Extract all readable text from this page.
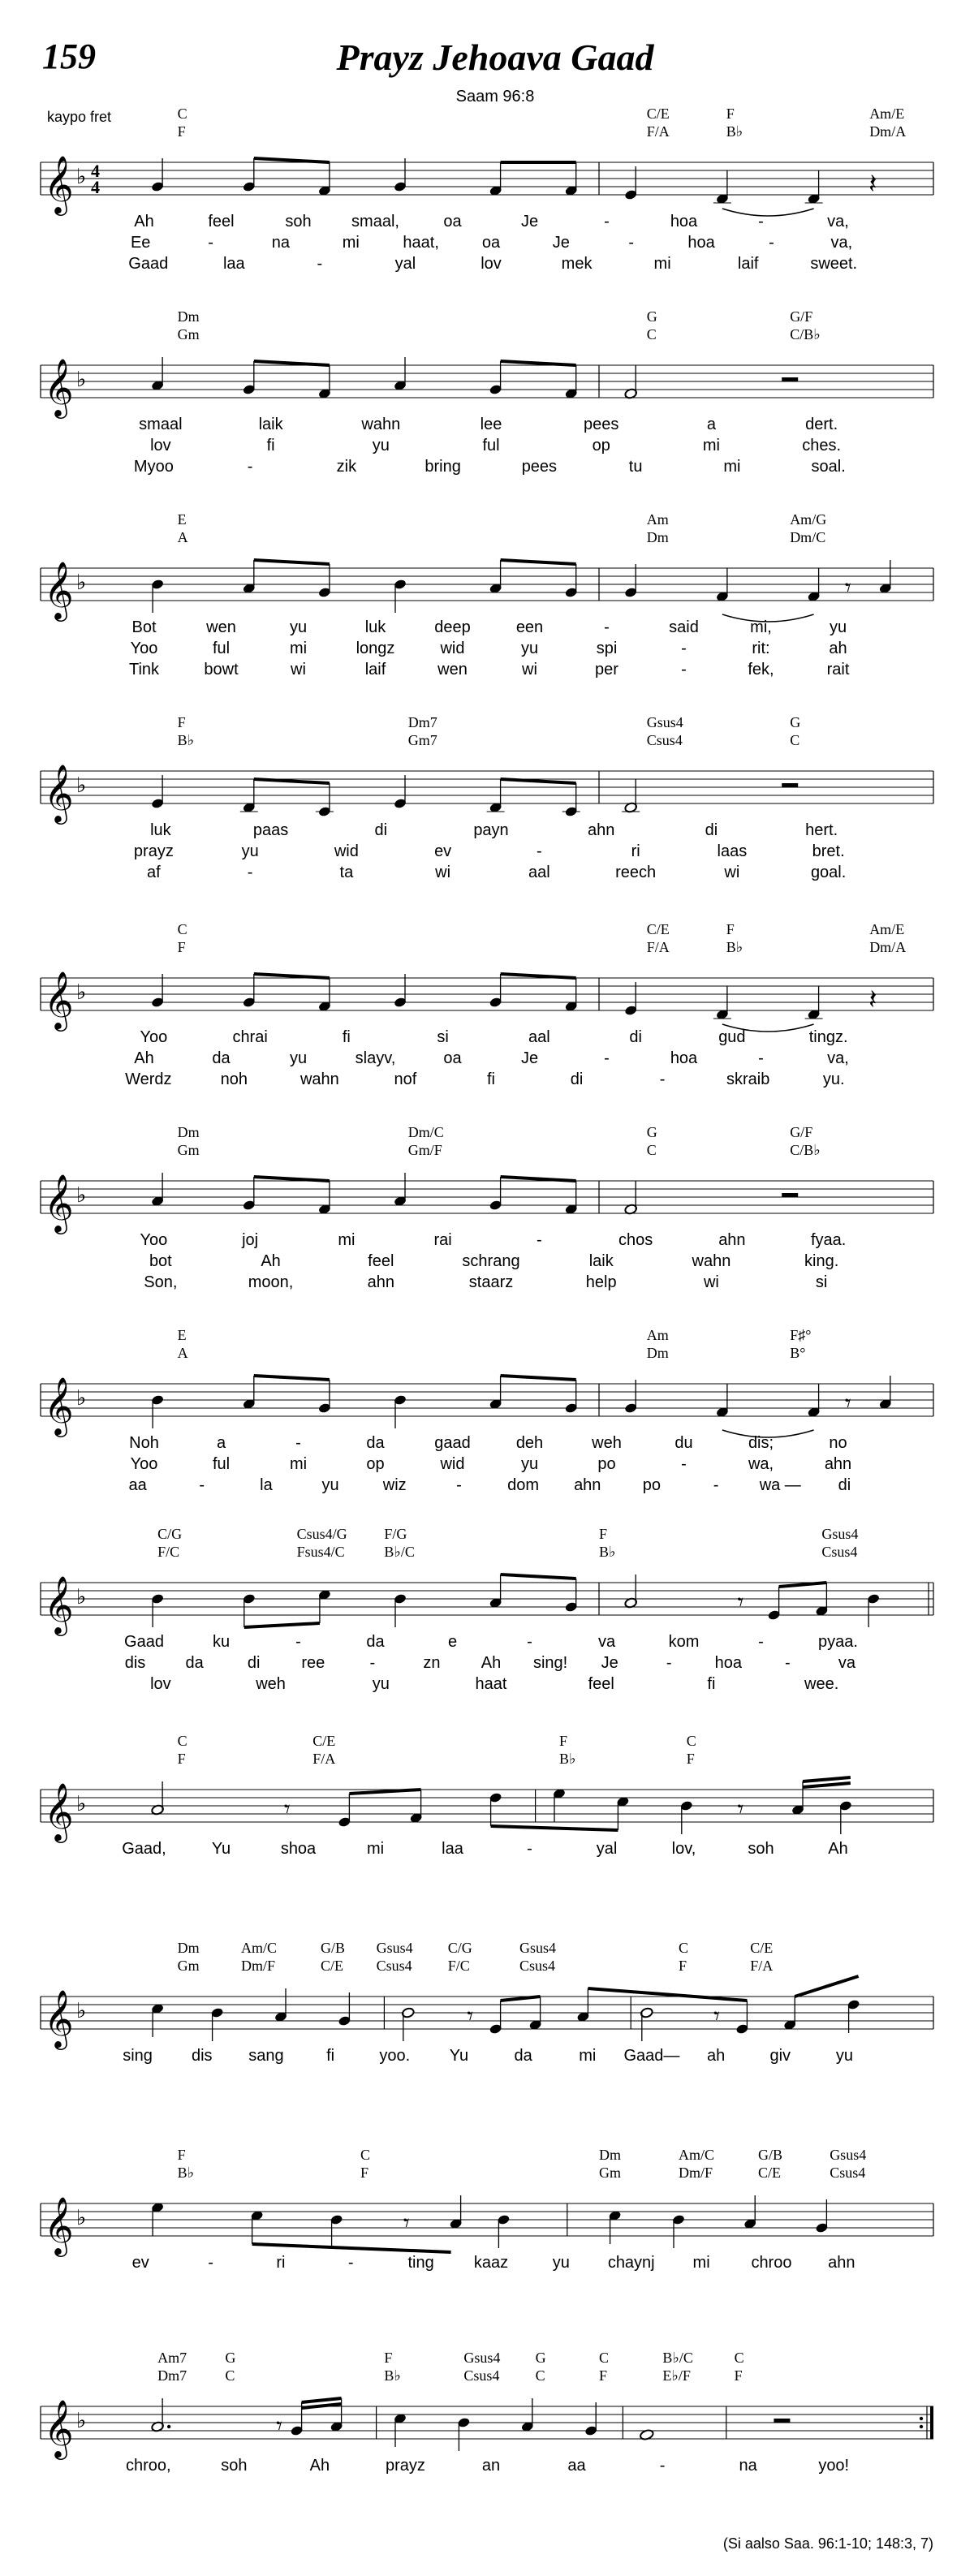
159	Prayz Jehoava Gaad
Saam 96:8
kaypo fret
𝄞 ♭ 4
4
C	C/E	F	Am/E
F	F/A	B♭	Dm/A
𝄽
Ah	feel	soh smaal,	oa	Je	-	hoa	-	va,
Ee	-	na	mi	haat,	oa	Je	-	hoa	-	va,
Gaad	laa	-	yal	lov	mek	mi	laif	sweet.
𝄞 ♭
Dm	G	G/F
Gm	C	C/B♭
smaal	laik	wahn	lee	pees	a	dert.
lov	fi	yu	ful	op	mi	ches.
Myoo	-	zik	bring	pees	tu	mi	soal.
𝄞 ♭
E	Am	Am/G
A	Dm	Dm/C
𝄾
Bot	wen	yu	luk	deep	een	-	said	mi,	yu
Yoo	ful	mi	longz	wid	yu	spi	-	rit:	ah
Tink	bowt	wi	laif	wen	wi	per	-	fek,	rait
𝄞 ♭
F	Dm7	Gsus4	G
B♭	Gm7	Csus4	C
luk	paas	di	payn	ahn	di	hert.
prayz	yu	wid	ev	-	ri	laas	bret.
af	-	ta	wi	aal	reech	wi	goal.
𝄞 ♭
C	C/E	F	Am/E
F	F/A	B♭	Dm/A
𝄽
Yoo	chrai	fi	si	aal	di	gud	tingz.
Ah	da	yu	slayv,	oa	Je	-	hoa	-	va,
Werdz	noh	wahn	nof	fi	di	-	skraib	yu.
𝄞 ♭
Dm	Dm/C	G	G/F
Gm	Gm/F	C	C/B♭
Yoo	joj	mi	rai	-	chos	ahn	fyaa.
bot	Ah	feel	schrang	laik	wahn	king.
Son,	moon,	ahn	staarz	help	wi	si
𝄞 ♭
E	Am	F♯°
A	Dm	B°
𝄾
Noh	a	-	da	gaad	deh	weh	du	dis;	no
Yoo	ful	mi	op	wid	yu	po	-	wa,	ahn
aa	-	la	yu	wiz	-	dom ahn	po	-	wa — di
𝄞 ♭
C/G	Csus4/G	F/G	F	Gsus4
F/C	Fsus4/C	B♭/C	B♭	Csus4
𝄾
Gaad	ku	-	da	e	-	va	kom	-	pyaa.
dis da	di	ree	-	zn	Ah sing! Je	-	hoa	-	va
lov	weh	yu	haat	feel	fi	wee.
𝄞 ♭
C	C/E	F	C
F	F/A	B♭	F
𝄾	𝄾
Gaad,	Yu	shoa	mi	laa	-	yal	lov,	soh	Ah
𝄞 ♭
Dm	Am/C	G/B Gsus4 C/G	Gsus4	C	C/E
Gm	Dm/F	C/E Csus4 F/C	Csus4	F	F/A
𝄾	𝄾
sing dis sang	fi	yoo. Yu	da	mi Gaad— ah	giv	yu
𝄞 ♭
F	C	Dm	Am/C	G/B	Gsus4
B♭	F	Gm	Dm/F	C/E	Csus4
𝄾
ev	-	ri	-	ting kaaz	yu chaynj mi	chroo ahn
𝄞 ♭
Am7	G	F	Gsus4 G	C	B♭/C	C
Dm7	C	B♭	Csus4 C	F	E♭/F	F
𝄾
chroo,	soh	Ah	prayz	an	aa	-	na	yoo!
(Si aalso Saa. 96:1-10; 148:3, 7)
